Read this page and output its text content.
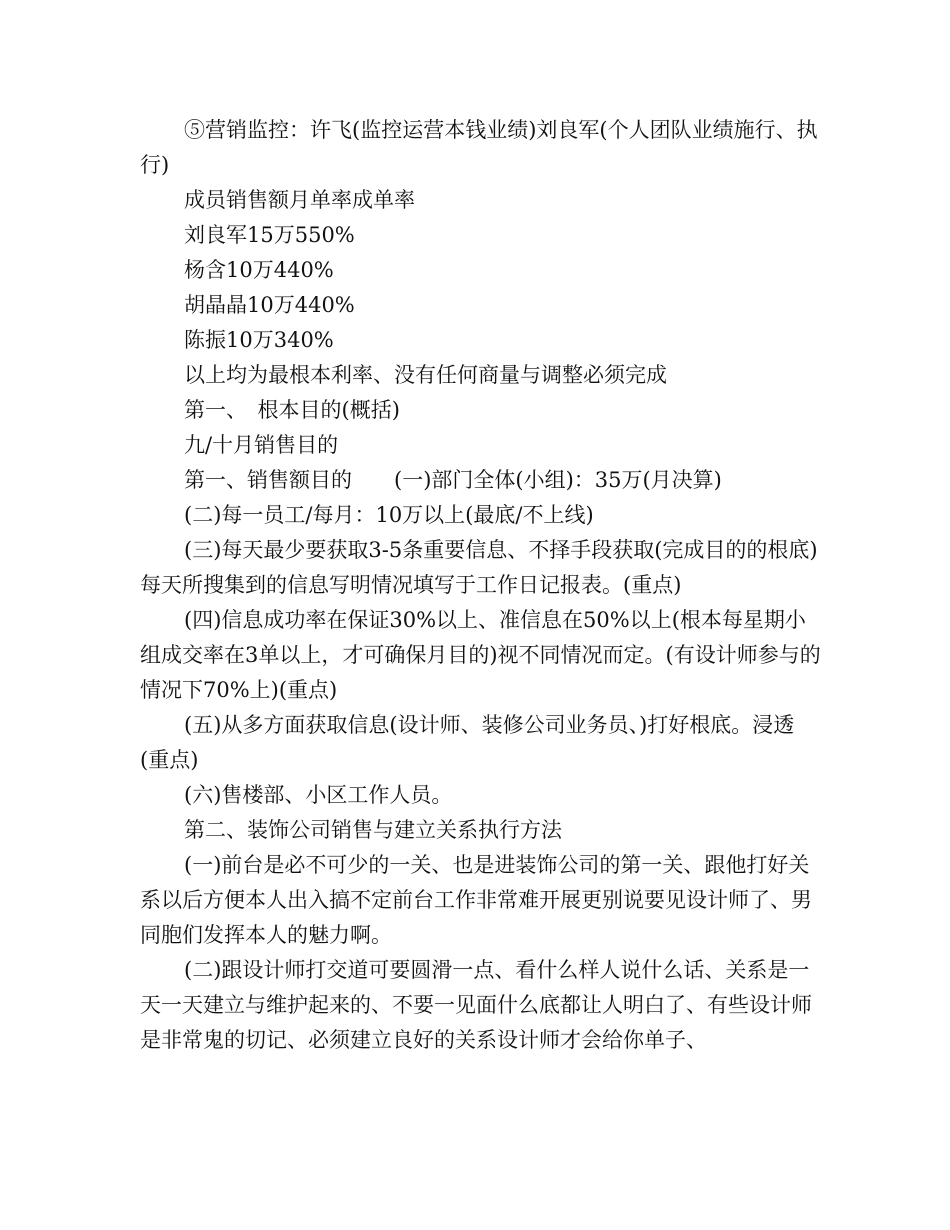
⑤营销监控：许飞(监控运营本钱业绩)刘良军(个人团队业绩施行、执行)

成员销售额月单率成单率

刘良军15万550%

杨含10万440%

胡晶晶10万440%

陈振10万340%

以上均为最根本利率、没有任何商量与调整必须完成

第一、　根本目的(概括)

九/十月销售目的

第一、销售额目的　　(一)部门全体(小组)：35万(月决算)

(二)每一员工/每月：10万以上(最底/不上线)

(三)每天最少要获取3-5条重要信息、不择手段获取(完成目的的根底)每天所搜集到的信息写明情况填写于工作日记报表。(重点)

(四)信息成功率在保证30%以上、准信息在50%以上(根本每星期小组成交率在3单以上，才可确保月目的)视不同情况而定。(有设计师参与的情况下70%上)(重点)

(五)从多方面获取信息(设计师、装修公司业务员、)打好根底。浸透(重点)

(六)售楼部、小区工作人员。

第二、装饰公司销售与建立关系执行方法

(一)前台是必不可少的一关、也是进装饰公司的第一关、跟他打好关系以后方便本人出入搞不定前台工作非常难开展更别说要见设计师了、男同胞们发挥本人的魅力啊。

(二)跟设计师打交道可要圆滑一点、看什么样人说什么话、关系是一天一天建立与维护起来的、不要一见面什么底都让人明白了、有些设计师是非常鬼的切记、必须建立良好的关系设计师才会给你单子、
